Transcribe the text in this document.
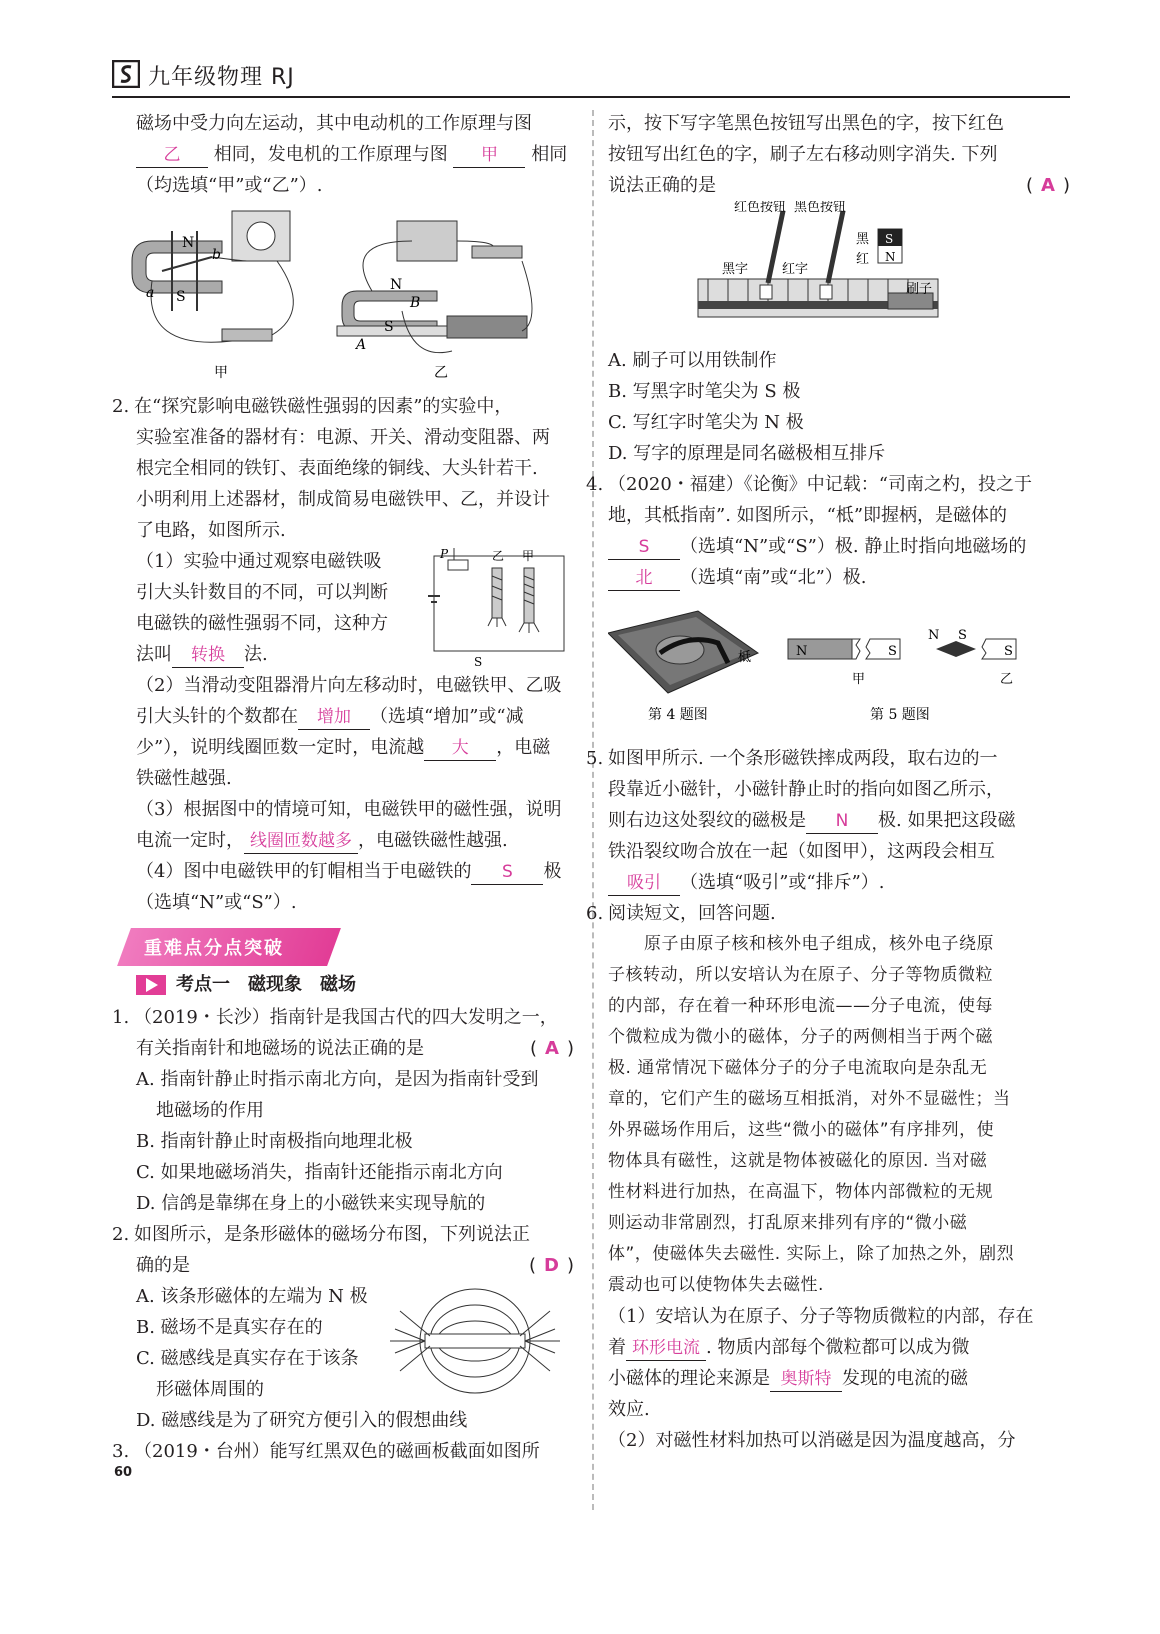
九年级物理 RJ
磁场中受力向左运动，其中电动机的工作原理与图
乙 相同，发电机的工作原理与图 甲 相同
（均选填“甲”或“乙”）.
N
S
a
b
甲
N
B
S
A
乙
2. 在“探究影响电磁铁磁性强弱的因素”的实验中，
实验室准备的器材有：电源、开关、滑动变阻器、两
根完全相同的铁钉、表面绝缘的铜线、大头针若干.
小明利用上述器材，制成简易电磁铁甲、乙，并设计
了电路，如图所示.
（1）实验中通过观察电磁铁吸
引大头针数目的不同，可以判断
电磁铁的磁性强弱不同，这种方
法叫 转换 法.
P	乙 甲
S
（2）当滑动变阻器滑片向左移动时，电磁铁甲、乙吸
引大头针的个数都在 增加 （选填“增加”或“减
少”），说明线圈匝数一定时，电流越 大 ，电磁
铁磁性越强.
（3）根据图中的情境可知，电磁铁甲的磁性强，说明
电流一定时， 线圈匝数越多 ，电磁铁磁性越强.
（4）图中电磁铁甲的钉帽相当于电磁铁的 S 极
（选填“N”或“S”）.
重难点分点突破
考点一　磁现象　磁场
1. （2019・长沙）指南针是我国古代的四大发明之一，
有关指南针和地磁场的说法正确的是	( A )
A. 指南针静止时指示南北方向，是因为指南针受到
地磁场的作用
B. 指南针静止时南极指向地理北极
C. 如果地磁场消失，指南针还能指示南北方向
D. 信鸽是靠绑在身上的小磁铁来实现导航的
2. 如图所示，是条形磁体的磁场分布图，下列说法正
确的是	( D )
A. 该条形磁体的左端为 N 极
B. 磁场不是真实存在的
C. 磁感线是真实存在于该条
形磁体周围的
D. 磁感线是为了研究方便引入的假想曲线
3. （2019・台州）能写红黑双色的磁画板截面如图所
示，按下写字笔黑色按钮写出黑色的字，按下红色
按钮写出红色的字，刷子左右移动则字消失. 下列
说法正确的是	( A )
红色按钮 黑色按钮
黑字	红字
黑
红
S
N
刷子
A. 刷子可以用铁制作
B. 写黑字时笔尖为 S 极
C. 写红字时笔尖为 N 极
D. 写字的原理是同名磁极相互排斥
4. （2020・福建）《论衡》中记载：“司南之杓，投之于
地，其柢指南”. 如图所示，“柢”即握柄，是磁体的
S （选填“N”或“S”）极. 静止时指向地磁场的
北 （选填“南”或“北”）极.
柢
第 4 题图
N	S
N S
S
甲	乙
第 5 题图
5. 如图甲所示. 一个条形磁铁摔成两段，取右边的一
段靠近小磁针，小磁针静止时的指向如图乙所示，
则右边这处裂纹的磁极是 N 极. 如果把这段磁
铁沿裂纹吻合放在一起（如图甲），这两段会相互
吸引 （选填“吸引”或“排斥”）.
6. 阅读短文，回答问题.
原子由原子核和核外电子组成，核外电子绕原
子核转动，所以安培认为在原子、分子等物质微粒
的内部，存在着一种环形电流——分子电流，使每
个微粒成为微小的磁体，分子的两侧相当于两个磁
极. 通常情况下磁体分子的分子电流取向是杂乱无
章的，它们产生的磁场互相抵消，对外不显磁性；当
外界磁场作用后，这些“微小的磁体”有序排列，使
物体具有磁性，这就是物体被磁化的原因. 当对磁
性材料进行加热，在高温下，物体内部微粒的无规
则运动非常剧烈，打乱原来排列有序的“微小磁
体”，使磁体失去磁性. 实际上，除了加热之外，剧烈
震动也可以使物体失去磁性.
（1）安培认为在原子、分子等物质微粒的内部，存在
着 环形电流 . 物质内部每个微粒都可以成为微
小磁体的理论来源是 奥斯特 发现的电流的磁
效应.
（2）对磁性材料加热可以消磁是因为温度越高，分
60
